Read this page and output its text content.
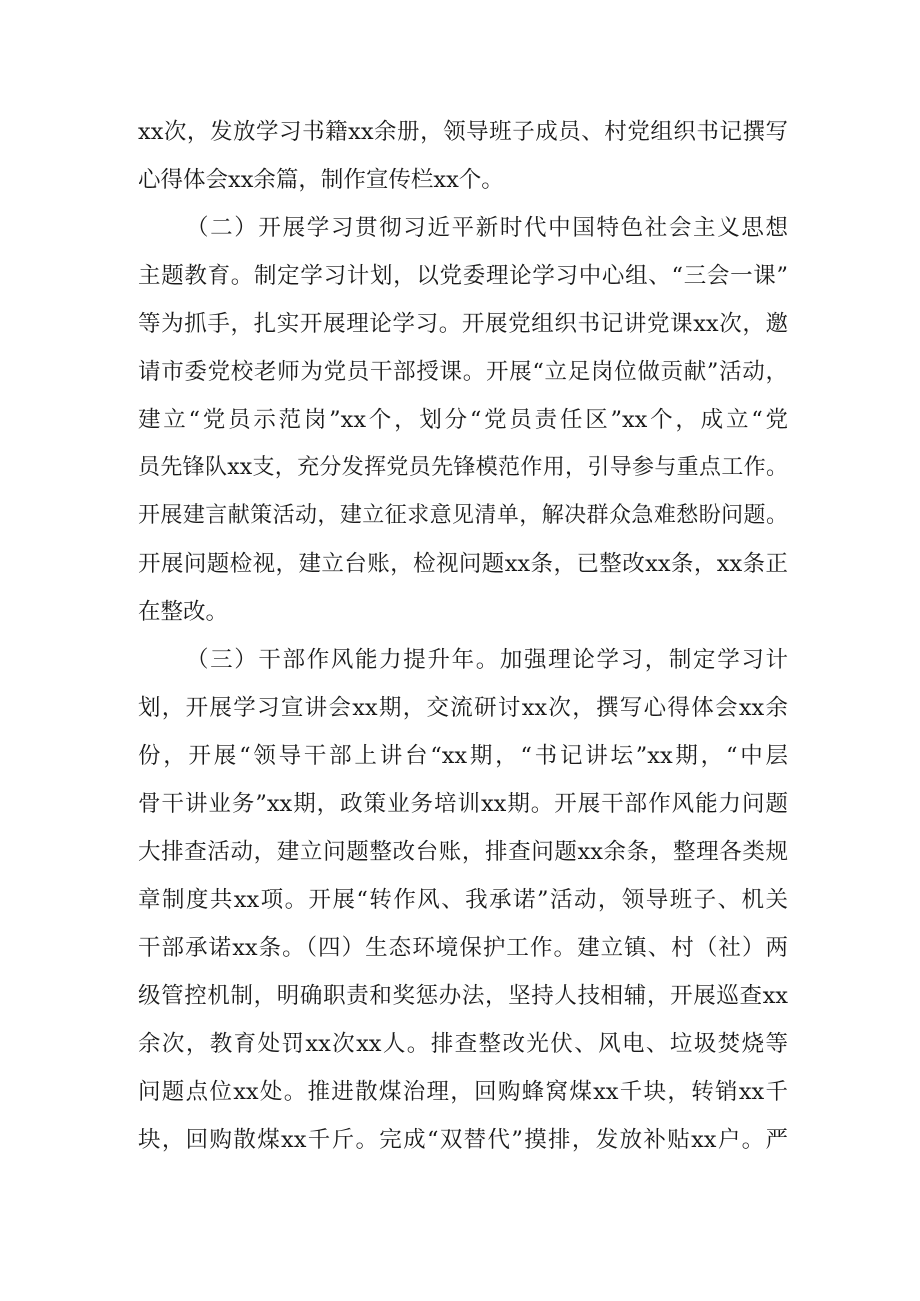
xx次，发放学习书籍xx余册，领导班子成员、村党组织书记撰写
心得体会xx余篇，制作宣传栏xx个。
（二）开展学习贯彻习近平新时代中国特色社会主义思想
主题教育。制定学习计划，以党委理论学习中心组、“三会一课”
等为抓手，扎实开展理论学习。开展党组织书记讲党课xx次，邀
请市委党校老师为党员干部授课。开展“立足岗位做贡献”活动，
建立“党员示范岗”xx个，划分“党员责任区”xx个，成立“党
员先锋队xx支，充分发挥党员先锋模范作用，引导参与重点工作。
开展建言献策活动，建立征求意见清单，解决群众急难愁盼问题。
开展问题检视，建立台账，检视问题xx条，已整改xx条，xx条正
在整改。
（三）干部作风能力提升年。加强理论学习，制定学习计
划，开展学习宣讲会xx期，交流研讨xx次，撰写心得体会xx余
份，开展“领导干部上讲台“xx期，“书记讲坛”xx期，“中层
骨干讲业务”xx期，政策业务培训xx期。开展干部作风能力问题
大排查活动，建立问题整改台账，排查问题xx余条，整理各类规
章制度共xx项。开展“转作风、我承诺”活动，领导班子、机关
干部承诺xx条。（四）生态环境保护工作。建立镇、村（社）两
级管控机制，明确职责和奖惩办法，坚持人技相辅，开展巡查xx
余次，教育处罚xx次xx人。排查整改光伏、风电、垃圾焚烧等
问题点位xx处。推进散煤治理，回购蜂窝煤xx千块，转销xx千
块，回购散煤xx千斤。完成“双替代”摸排，发放补贴xx户。严
